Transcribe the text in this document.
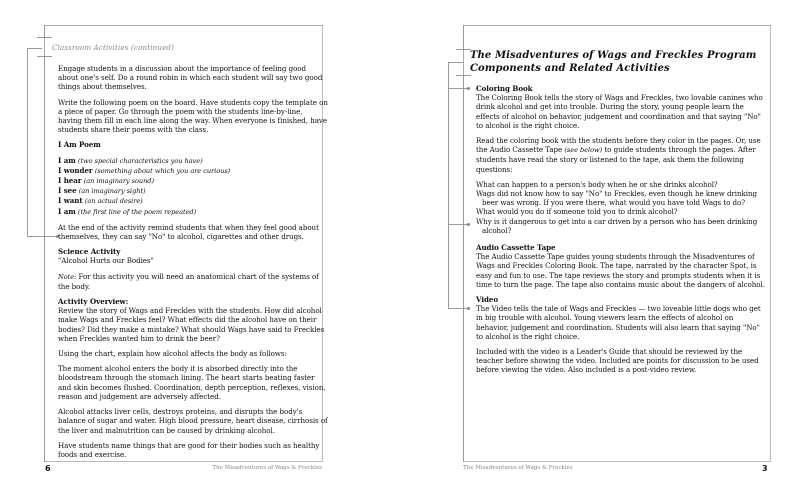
Classroom Activities (continued)

Engage students in a discussion about the importance of feeling good about one's self. Do a round robin in which each student will say two good things about themselves.

Write the following poem on the board. Have students copy the template on a piece of paper. Go through the poem with the students line-by-line, having them fill in each line along the way. When everyone is finished, have students share their poems with the class.

I Am Poem

I am (two special characteristics you have)
I wonder (something about which you are curious)
I hear (an imaginary sound)
I see (an imaginary sight)
I want (an actual desire)
I am (the first line of the poem repeated)

At the end of the activity remind students that when they feel good about themselves, they can say "No" to alcohol, cigarettes and other drugs.

Science Activity
"Alcohol Hurts our Bodies"

Note: For this activity you will need an anatomical chart of the systems of the body.

Activity Overview:
Review the story of Wags and Freckles with the students. How did alcohol make Wags and Freckles feel? What effects did the alcohol have on their bodies? Did they make a mistake? What should Wags have said to Freckles when Freckles wanted him to drink the beer?

Using the chart, explain how alcohol affects the body as follows:

The moment alcohol enters the body it is absorbed directly into the bloodstream through the stomach lining. The heart starts beating faster and skin becomes flushed. Coordination, depth perception, reflexes, vision, reason and judgement are adversely affected.

Alcohol attacks liver cells, destroys proteins, and disrupts the body's balance of sugar and water. High blood pressure, heart disease, cirrhosis of the liver and malnutrition can be caused by drinking alcohol.

Have students name things that are good for their bodies such as healthy foods and exercise.

6	The Misadventures of Wags & Freckles
The Misadventures of Wags and Freckles Program Components and Related Activities
Coloring Book
The Coloring Book tells the story of Wags and Freckles, two lovable canines who drink alcohol and get into trouble. During the story, young people learn the effects of alcohol on behavior, judgement and coordination and that saying "No" to alcohol is the right choice.

Read the coloring book with the students before they color in the pages. Or, use the Audio Cassette Tape (see below) to guide students through the pages. After students have read the story or listened to the tape, ask them the following questions:

What can happen to a person's body when he or she drinks alcohol?
Wags did not know how to say "No" to Freckles, even though he knew drinking beer was wrong. If you were there, what would you have told Wags to do?
What would you do if someone told you to drink alcohol?
Why is it dangerous to get into a car driven by a person who has been drinking alcohol?
Audio Cassette Tape
The Audio Cassette Tape guides young students through the Misadventures of Wags and Freckles Coloring Book. The tape, narrated by the character Spot, is easy and fun to use. The tape reviews the story and prompts students when it is time to turn the page. The tape also contains music about the dangers of alcohol.
Video
The Video tells the tale of Wags and Freckles — two loveable little dogs who get in big trouble with alcohol. Young viewers learn the effects of alcohol on behavior, judgement and coordination. Students will also learn that saying "No" to alcohol is the right choice.

Included with the video is a Leader's Guide that should be reviewed by the teacher before showing the video. Included are points for discussion to be used before viewing the video. Also included is a post-video review.

The Misadventures of Wags & Freckles	3
